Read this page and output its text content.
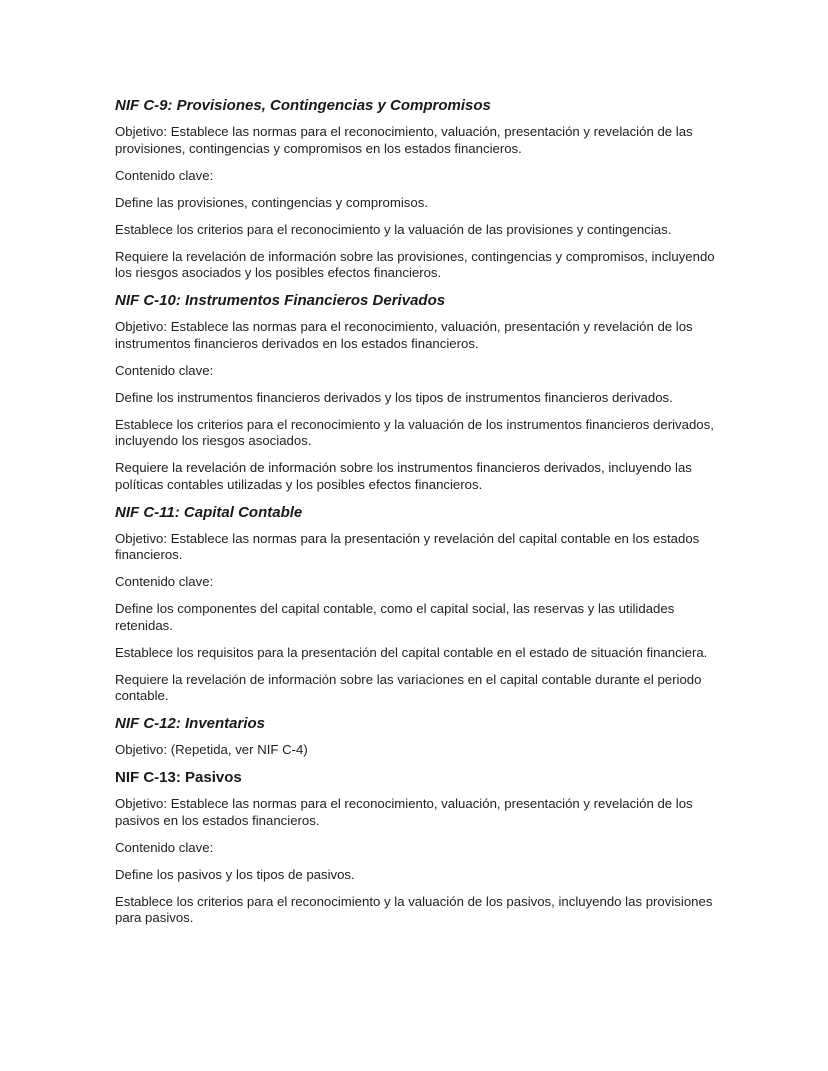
NIF C-9: Provisiones, Contingencias y Compromisos

Objetivo: Establece las normas para el reconocimiento, valuación, presentación y revelación de las provisiones, contingencias y compromisos en los estados financieros.

Contenido clave:

Define las provisiones, contingencias y compromisos.

Establece los criterios para el reconocimiento y la valuación de las provisiones y contingencias.

Requiere la revelación de información sobre las provisiones, contingencias y compromisos, incluyendo los riesgos asociados y los posibles efectos financieros.

NIF C-10: Instrumentos Financieros Derivados

Objetivo: Establece las normas para el reconocimiento, valuación, presentación y revelación de los instrumentos financieros derivados en los estados financieros.

Contenido clave:

Define los instrumentos financieros derivados y los tipos de instrumentos financieros derivados.

Establece los criterios para el reconocimiento y la valuación de los instrumentos financieros derivados, incluyendo los riesgos asociados.

Requiere la revelación de información sobre los instrumentos financieros derivados, incluyendo las políticas contables utilizadas y los posibles efectos financieros.

NIF C-11: Capital Contable

Objetivo: Establece las normas para la presentación y revelación del capital contable en los estados financieros.

Contenido clave:

Define los componentes del capital contable, como el capital social, las reservas y las utilidades retenidas.

Establece los requisitos para la presentación del capital contable en el estado de situación financiera.

Requiere la revelación de información sobre las variaciones en el capital contable durante el periodo contable.

NIF C-12: Inventarios

Objetivo: (Repetida, ver NIF C-4)

NIF C-13: Pasivos

Objetivo: Establece las normas para el reconocimiento, valuación, presentación y revelación de los pasivos en los estados financieros.

Contenido clave:

Define los pasivos y los tipos de pasivos.

Establece los criterios para el reconocimiento y la valuación de los pasivos, incluyendo las provisiones para pasivos.
